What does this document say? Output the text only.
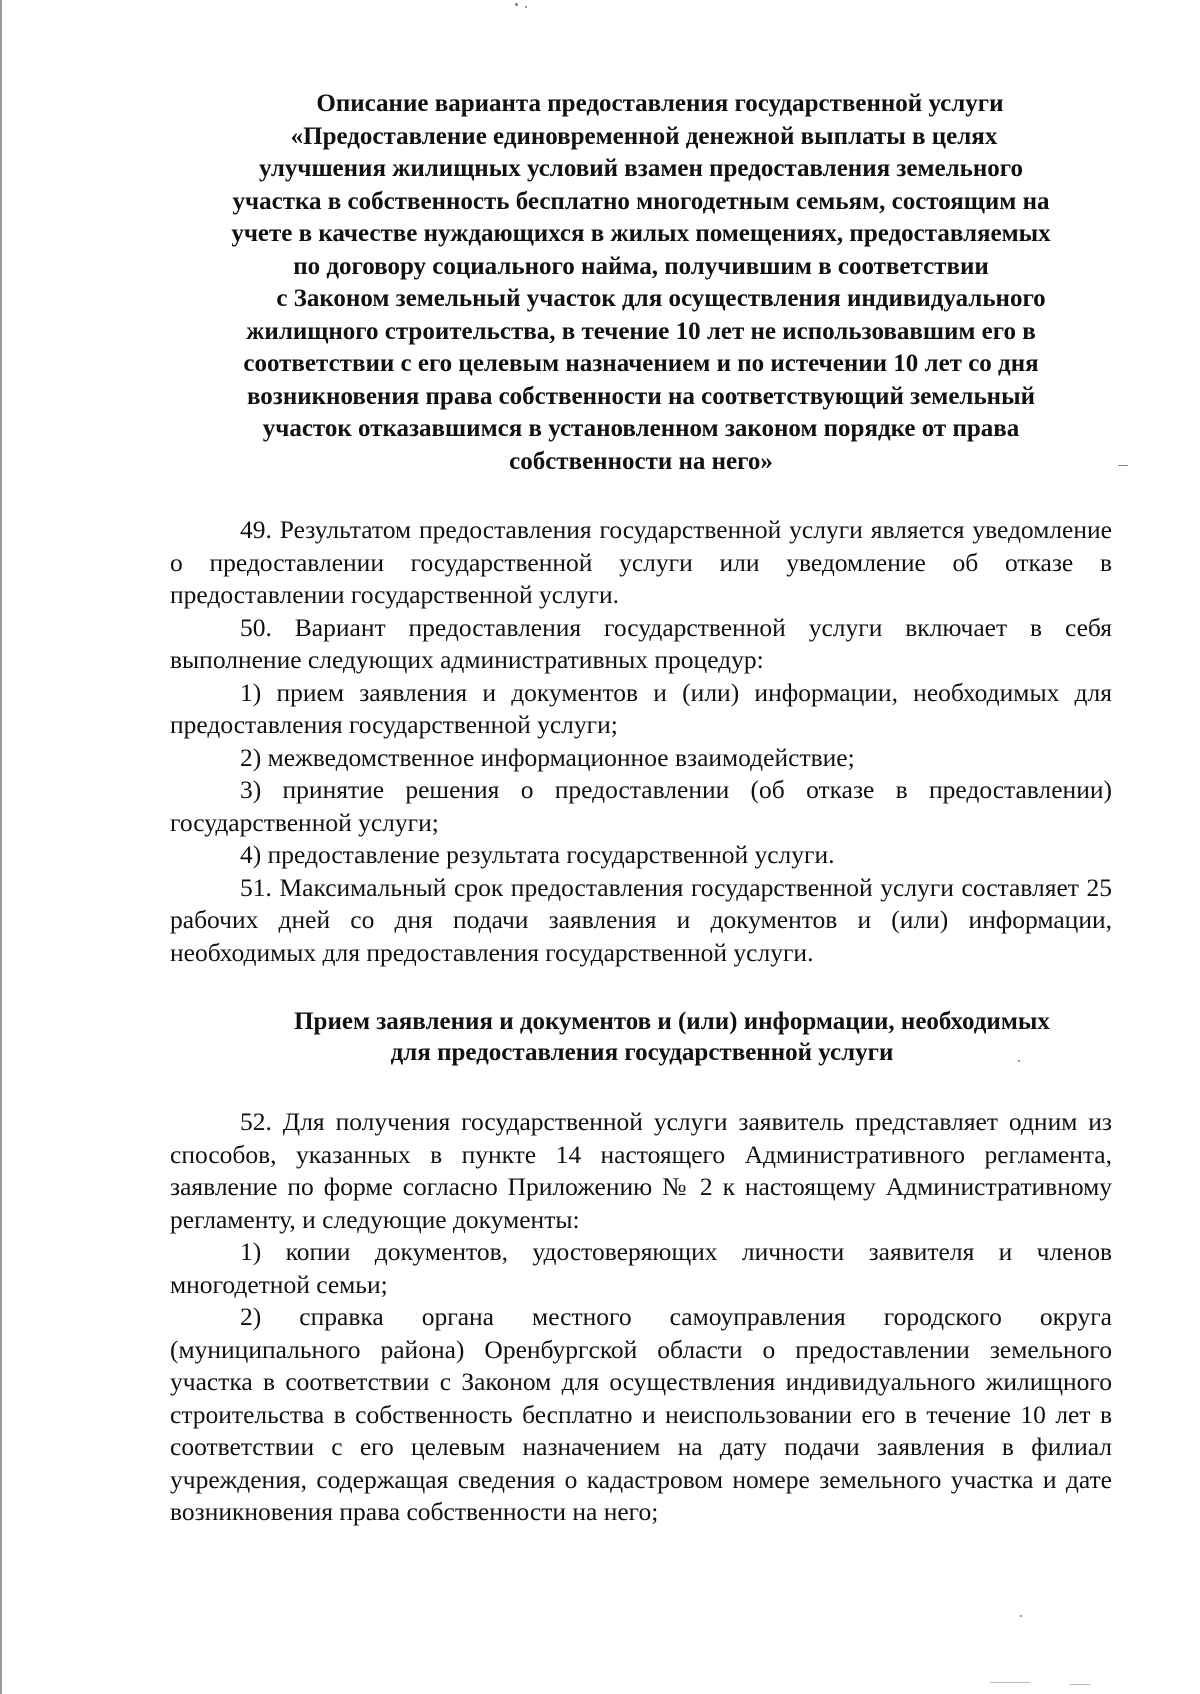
Описание варианта предоставления государственной услуги
«Предоставление единовременной денежной выплаты в целях
улучшения жилищных условий взамен предоставления земельного
участка в собственность бесплатно многодетным семьям, состоящим на
учете в качестве нуждающихся в жилых помещениях, предоставляемых
по договору социального найма, получившим в соответствии
с Законом земельный участок для осуществления индивидуального
жилищного строительства, в течение 10 лет не использовавшим его в
соответствии с его целевым назначением и по истечении 10 лет со дня
возникновения права собственности на соответствующий земельный
участок отказавшимся в установленном законом порядке от права
собственности на него»

49. Результатом предоставления государственной услуги является уведомление о предоставлении государственной услуги или уведомление об отказе в предоставлении государственной услуги.

50. Вариант предоставления государственной услуги включает в себя выполнение следующих административных процедур:

1) прием заявления и документов и (или) информации, необходимых для предоставления государственной услуги;

2) межведомственное информационное взаимодействие;

3) принятие решения о предоставлении (об отказе в предоставлении) государственной услуги;

4) предоставление результата государственной услуги.

51. Максимальный срок предоставления государственной услуги составляет 25 рабочих дней со дня подачи заявления и документов и (или) информации, необходимых для предоставления государственной услуги.

Прием заявления и документов и (или) информации, необходимых
для предоставления государственной услуги

52. Для получения государственной услуги заявитель представляет одним из способов, указанных в пункте 14 настоящего Административного регламента, заявление по форме согласно Приложению № 2 к настоящему Административному регламенту, и следующие документы:

1) копии документов, удостоверяющих личности заявителя и членов многодетной семьи;

2) справка органа местного самоуправления городского округа (муниципального района) Оренбургской области о предоставлении земельного участка в соответствии с Законом для осуществления индивидуального жилищного строительства в собственность бесплатно и неиспользовании его в течение 10 лет в соответствии с его целевым назначением на дату подачи заявления в филиал учреждения, содержащая сведения о кадастровом номере земельного участка и дате возникновения права собственности на него;
